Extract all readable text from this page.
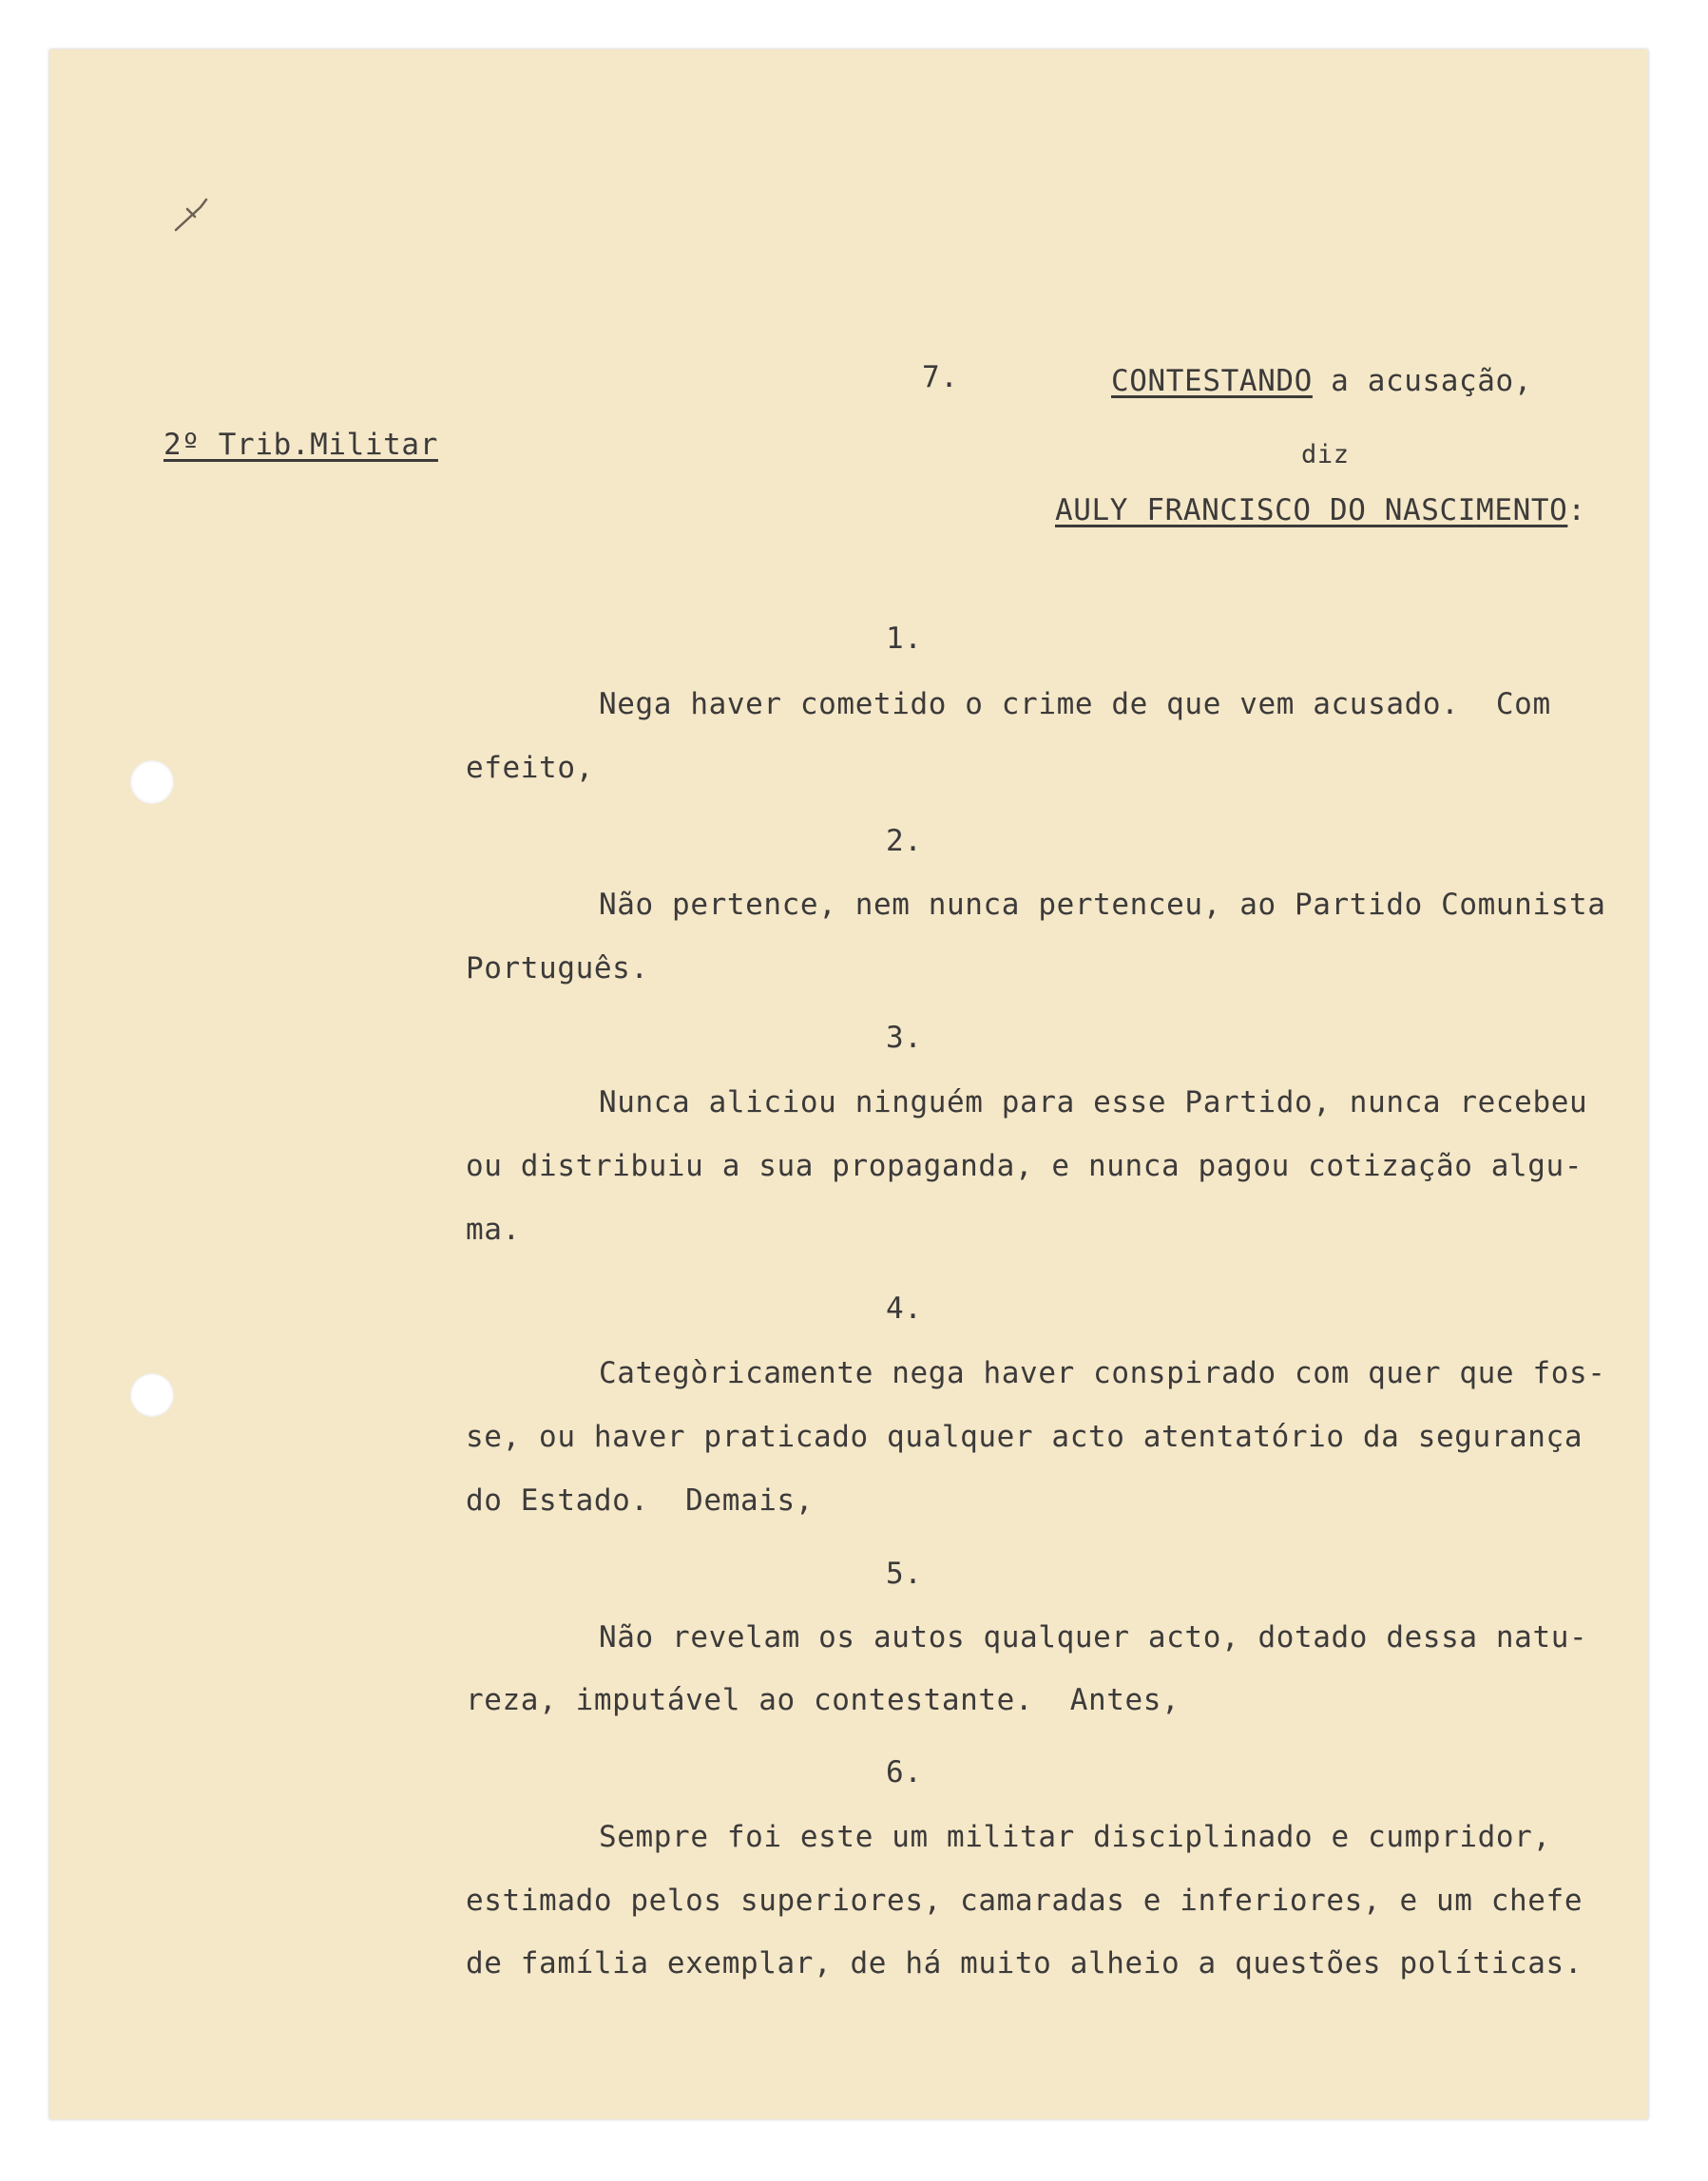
7.	CONTESTANDO a acusação,
2º Trib.Militar	diz
AULY FRANCISCO DO NASCIMENTO:
1.
Nega haver cometido o crime de que vem acusado.  Com
efeito,
2.
Não pertence, nem nunca pertenceu, ao Partido Comunista
Português.
3.
Nunca aliciou ninguém para esse Partido, nunca recebeu
ou distribuiu a sua propaganda, e nunca pagou cotização algu-
ma.
4.
Categòricamente nega haver conspirado com quer que fos-
se, ou haver praticado qualquer acto atentatório da segurança
do Estado.  Demais,
5.
Não revelam os autos qualquer acto, dotado dessa natu-
reza, imputável ao contestante.  Antes,
6.
Sempre foi este um militar disciplinado e cumpridor,
estimado pelos superiores, camaradas e inferiores, e um chefe
de família exemplar, de há muito alheio a questões políticas.
